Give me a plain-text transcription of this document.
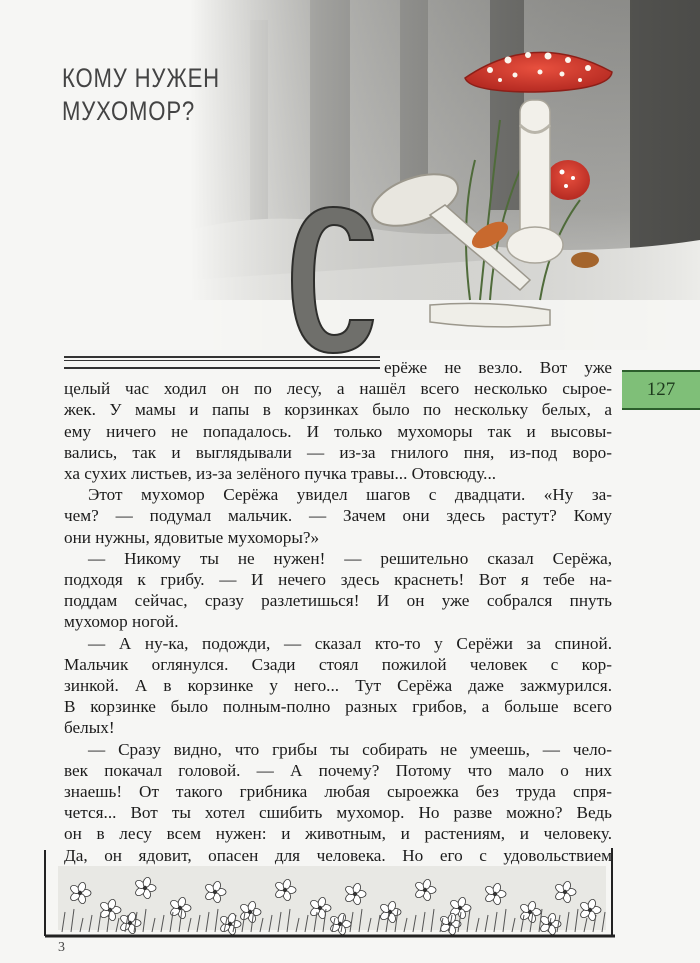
КОМУ НУЖЕН
МУХОМОР?
127

ерёже не везло. Вот уже

целый час ходил он по лесу, а нашёл всего несколько сыроe-

жек. У мамы и папы в корзинках было по нескольку белых, а

ему ничего не попадалось. И только мухоморы так и высовы-

вались, так и выглядывали — из-за гнилого пня, из-под воро-

ха сухих листьев, из-за зелёного пучка травы... Отовсюду...

Этот мухомор Серёжа увидел шагов с двадцати. «Ну за-

чем? — подумал мальчик. — Зачем они здесь растут? Кому

они нужны, ядовитые мухоморы?»

— Никому ты не нужен! — решительно сказал Серёжа,

подходя к грибу. — И нечего здесь краснеть! Вот я тебе на-

поддам сейчас, сразу разлетишься! И он уже собрался пнуть

мухомор ногой.

— А ну-ка, подожди, — сказал кто-то у Серёжи за спиной.

Мальчик оглянулся. Сзади стоял пожилой человек с кор-

зинкой. А в корзинке у него... Тут Серёжа даже зажмурился.

В корзинке было полным-полно разных грибов, а больше всего

белых!

— Сразу видно, что грибы ты собирать не умеешь, — чело-

век покачал головой. — А почему? Потому что мало о них

знаешь! От такого грибника любая сыроежка без труда спря-

чется... Вот ты хотел сшибить мухомор. Но разве можно? Ведь

он в лесу всем нужен: и животным, и растениям, и человеку.

Да, он ядовит, опасен для человека. Но его с удовольствием

3
